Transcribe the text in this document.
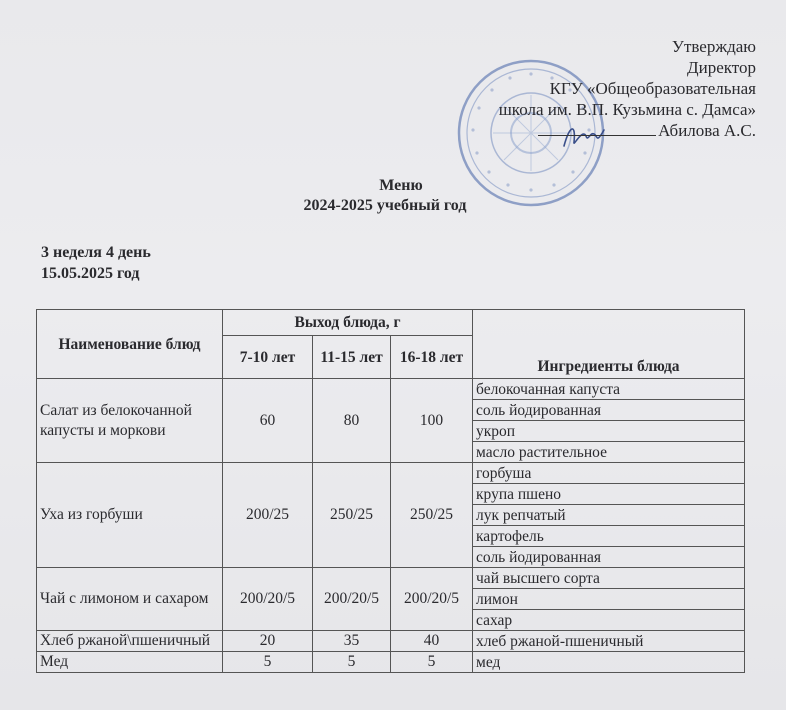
Утверждаю
Директор
КГУ «Общеобразовательная
школа им. В.П. Кузьмина с. Дамса»
Абилова А.С.
Меню
2024-2025 учебный год
3 неделя 4 день
15.05.2025 год
Наименование блюд	Выход блюда, г			Ингредиенты блюда
	7-10 лет	11-15 лет	16-18 лет	
Салат из белокочанной капусты и моркови	60	80	100	белокочанная капуста
				соль йодированная
				укроп
				масло растительное
Уха из горбуши	200/25	250/25	250/25	горбуша
				крупа пшено
				лук репчатый
				картофель
				соль йодированная
Чай с лимоном и сахаром	200/20/5	200/20/5	200/20/5	чай высшего сорта
				лимон
				сахар
Хлеб ржаной\пшеничный	20	35	40	хлеб ржаной-пшеничный
Мед	5	5	5	мед
